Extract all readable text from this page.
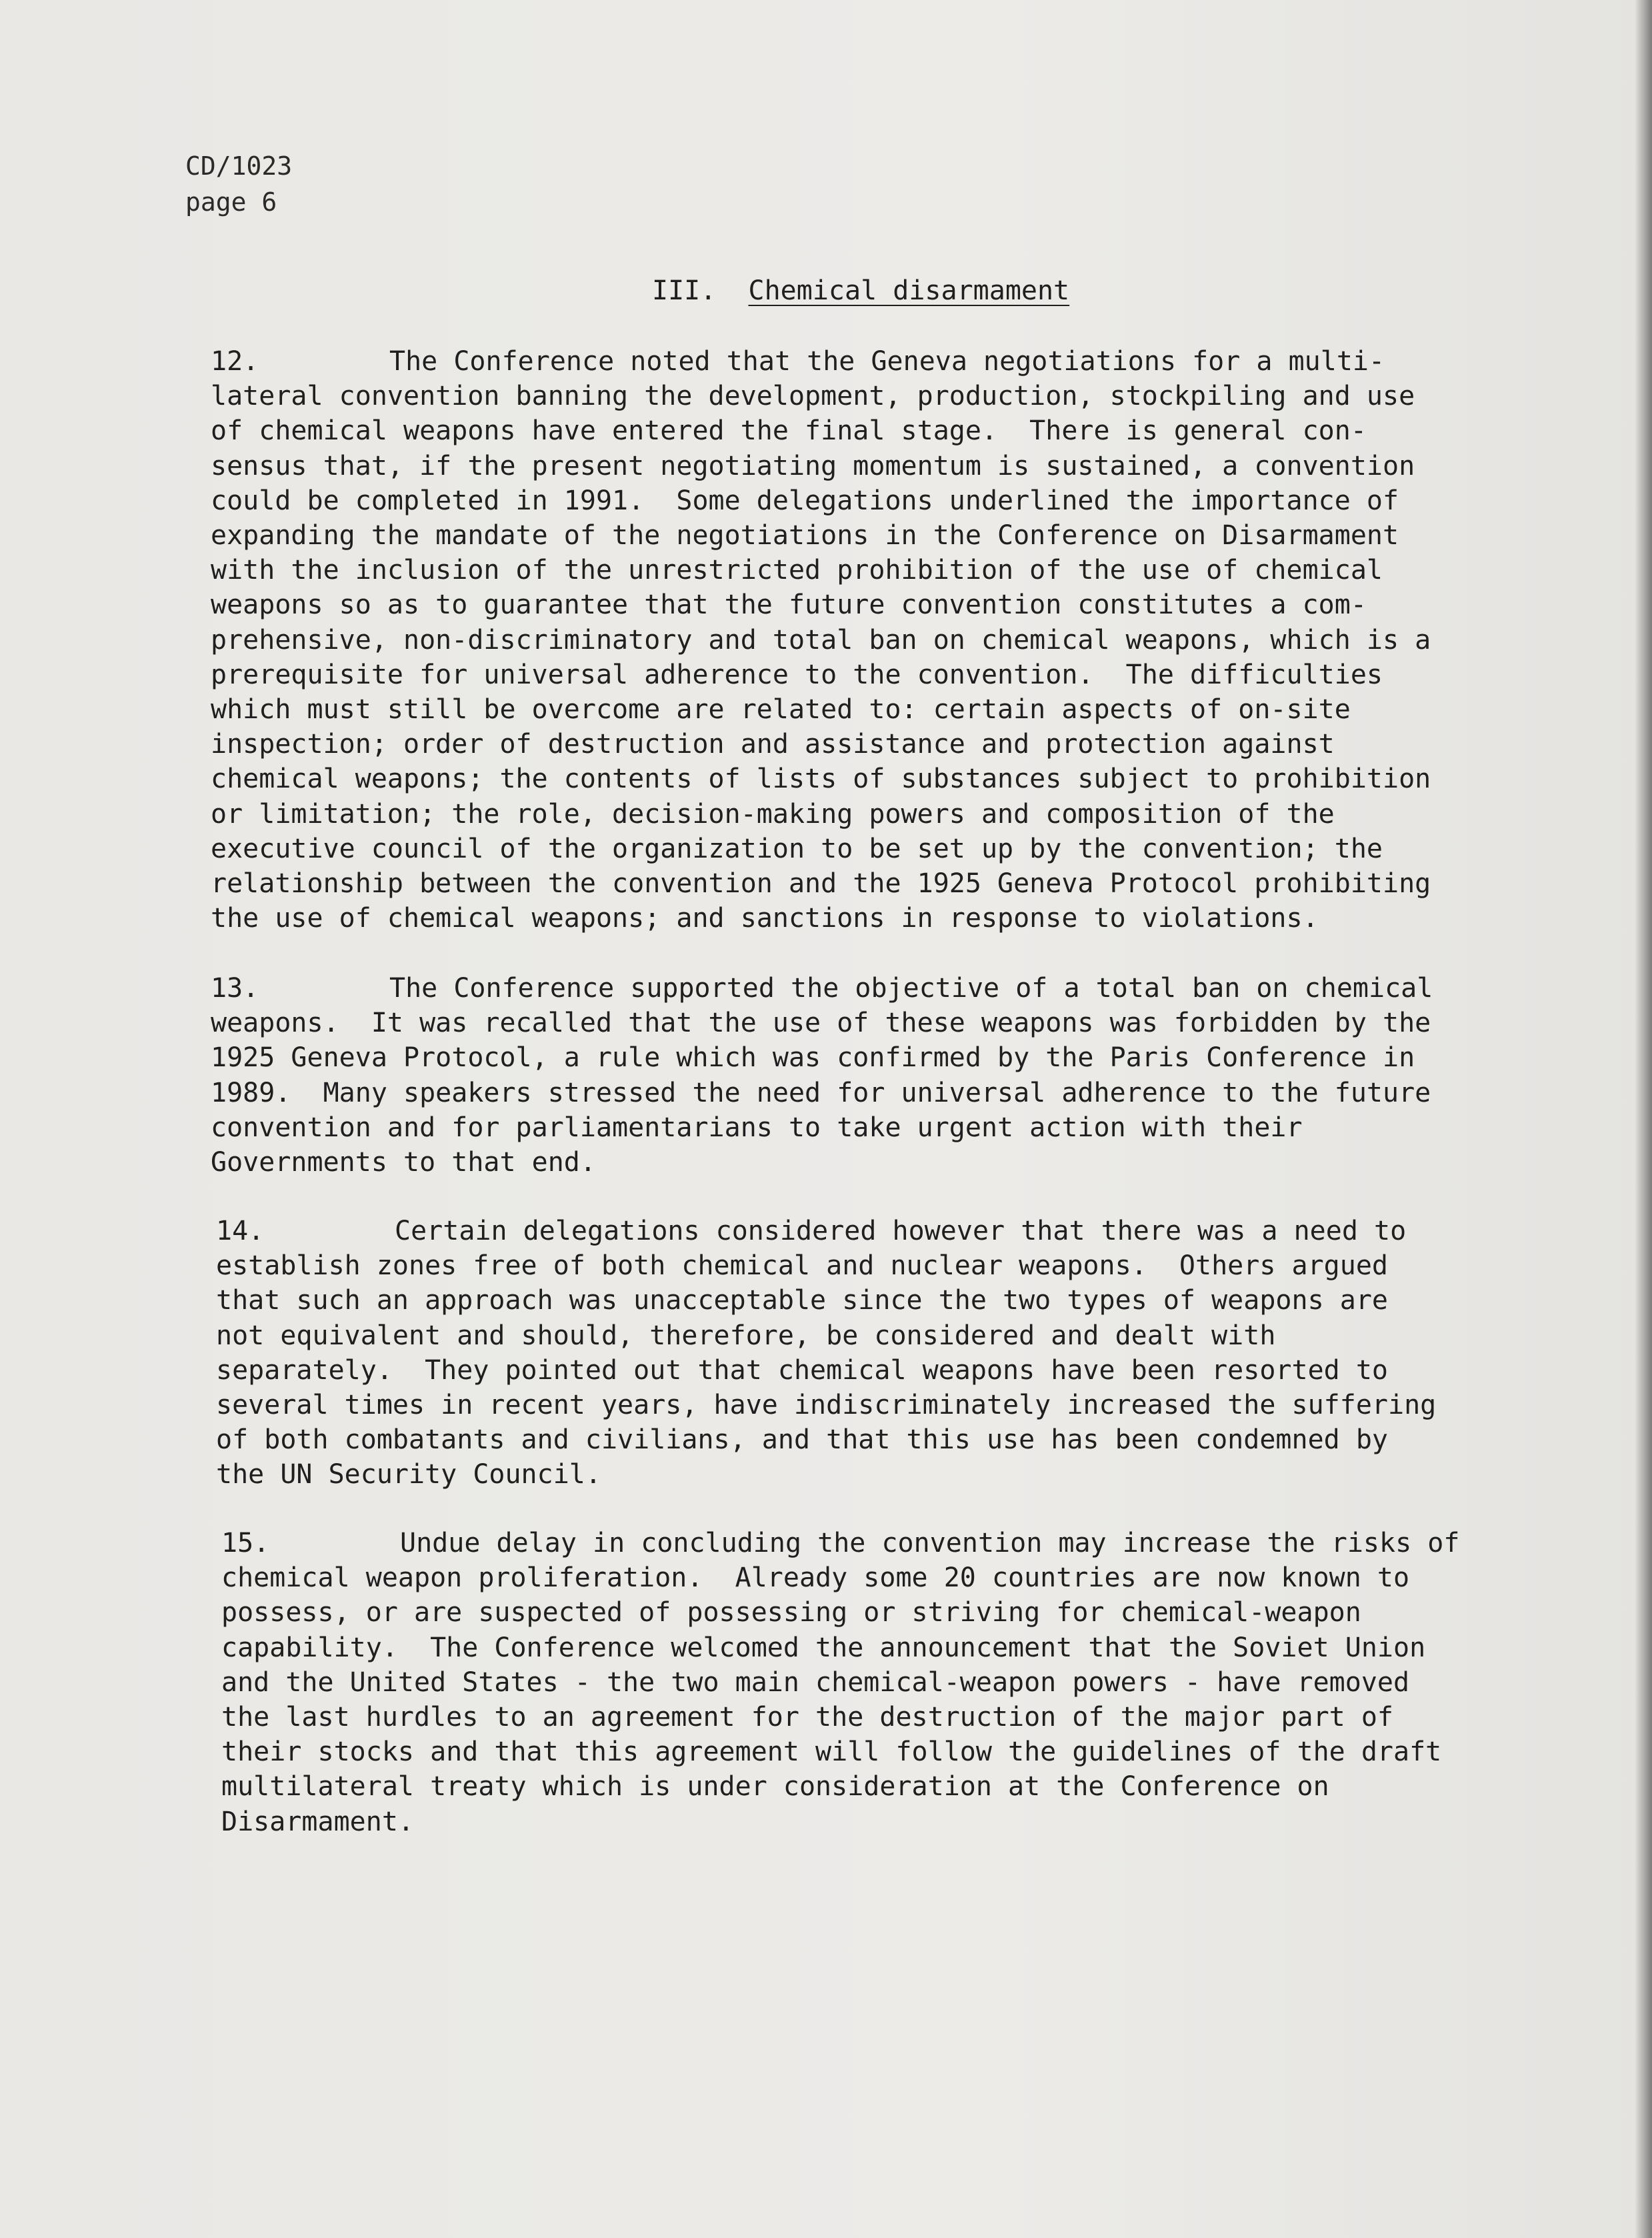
CD/1023
page 6
III. Chemical disarmament
12.	The Conference noted that the Geneva negotiations for a multi-
lateral convention banning the development, production, stockpiling and use
of chemical weapons have entered the final stage.  There is general con-
sensus that, if the present negotiating momentum is sustained, a convention
could be completed in 1991.  Some delegations underlined the importance of
expanding the mandate of the negotiations in the Conference on Disarmament
with the inclusion of the unrestricted prohibition of the use of chemical
weapons so as to guarantee that the future convention constitutes a com-
prehensive, non-discriminatory and total ban on chemical weapons, which is a
prerequisite for universal adherence to the convention.  The difficulties
which must still be overcome are related to: certain aspects of on-site
inspection; order of destruction and assistance and protection against
chemical weapons; the contents of lists of substances subject to prohibition
or limitation; the role, decision-making powers and composition of the
executive council of the organization to be set up by the convention; the
relationship between the convention and the 1925 Geneva Protocol prohibiting
the use of chemical weapons; and sanctions in response to violations.
13.	The Conference supported the objective of a total ban on chemical
weapons.  It was recalled that the use of these weapons was forbidden by the
1925 Geneva Protocol, a rule which was confirmed by the Paris Conference in
1989.  Many speakers stressed the need for universal adherence to the future
convention and for parliamentarians to take urgent action with their
Governments to that end.
14.	Certain delegations considered however that there was a need to
establish zones free of both chemical and nuclear weapons.  Others argued
that such an approach was unacceptable since the two types of weapons are
not equivalent and should, therefore, be considered and dealt with
separately.  They pointed out that chemical weapons have been resorted to
several times in recent years, have indiscriminately increased the suffering
of both combatants and civilians, and that this use has been condemned by
the UN Security Council.
15.	Undue delay in concluding the convention may increase the risks of
chemical weapon proliferation.  Already some 20 countries are now known to
possess, or are suspected of possessing or striving for chemical-weapon
capability.  The Conference welcomed the announcement that the Soviet Union
and the United States - the two main chemical-weapon powers - have removed
the last hurdles to an agreement for the destruction of the major part of
their stocks and that this agreement will follow the guidelines of the draft
multilateral treaty which is under consideration at the Conference on
Disarmament.
